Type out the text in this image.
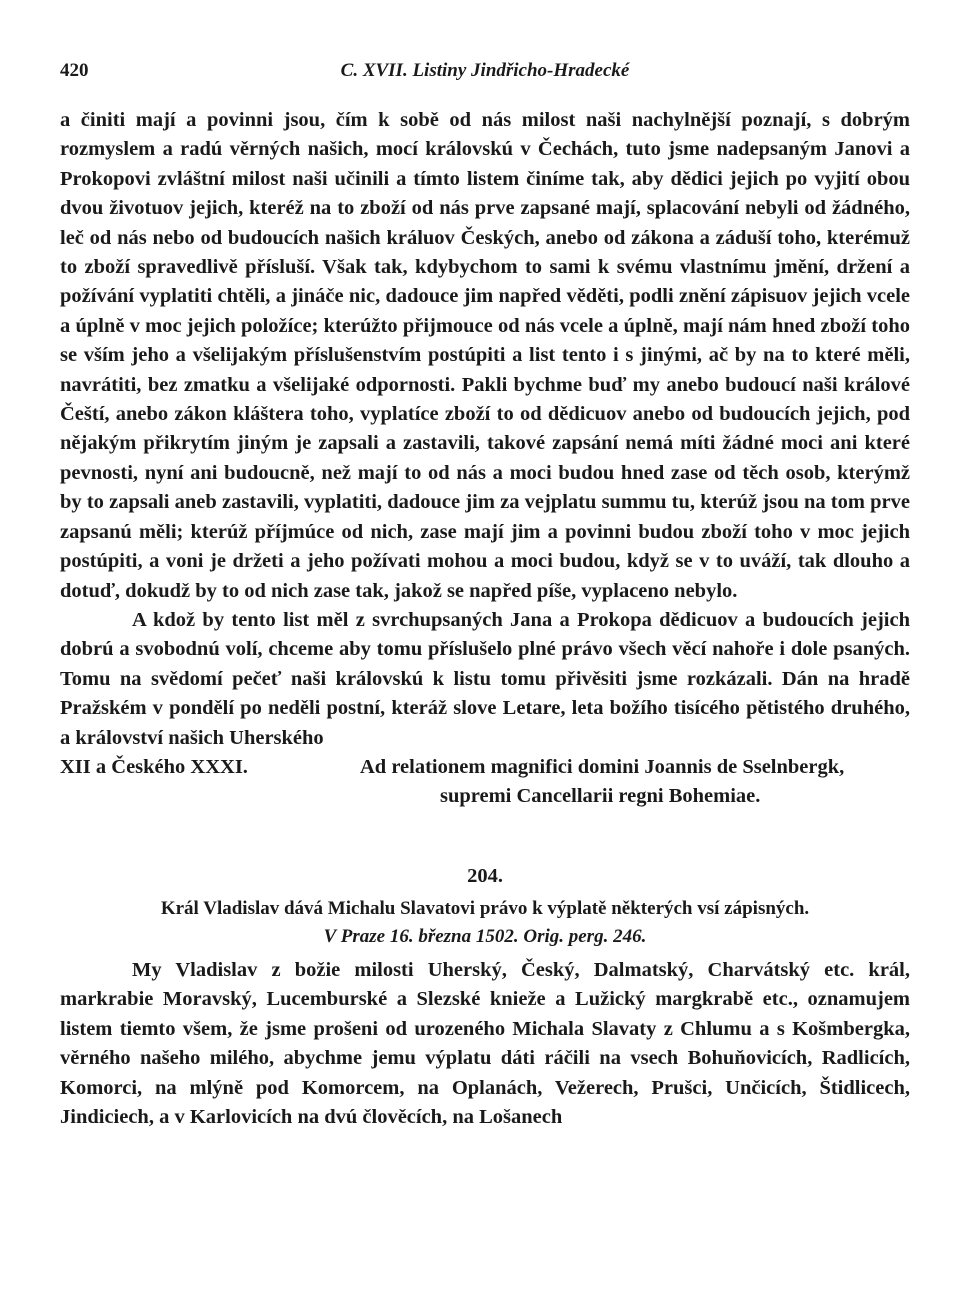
420	C. XVII. Listiny Jindřicho-Hradecké

a činiti mají a povinni jsou, čím k sobě od nás milost naši nachylnější poznají, s dobrým rozmyslem a radú věrných našich, mocí královskú v Čechách, tuto jsme nadepsaným Janovi a Prokopovi zvláštní milost naši učinili a tímto listem činíme tak, aby dědici jejich po vyjití obou dvou životuov jejich, kteréž na to zboží od nás prve zapsané mají, splacování nebyli od žádného, leč od nás nebo od budoucích našich králuov Českých, anebo od zákona a záduší toho, kterémuž to zboží spravedlivě přísluší. Však tak, kdybychom to sami k svému vlastnímu jmění, držení a požívání vyplatiti chtěli, a jináče nic, dadouce jim napřed věděti, podli znění zápisuov jejich vcele a úplně v moc jejich položíce; kterúžto přijmouce od nás vcele a úplně, mají nám hned zboží toho se vším jeho a všelijakým příslušenstvím postúpiti a list tento i s jinými, ač by na to které měli, navrátiti, bez zmatku a všelijaké odpornosti. Pakli bychme buď my anebo budoucí naši králové Čeští, anebo zákon kláštera toho, vyplatíce zboží to od dědicuov anebo od budoucích jejich, pod nějakým přikrytím jiným je zapsali a zastavili, takové zapsání nemá míti žádné moci ani které pevnosti, nyní ani budoucně, než mají to od nás a moci budou hned zase od těch osob, kterýmž by to zapsali aneb zastavili, vyplatiti, dadouce jim za vejplatu summu tu, kterúž jsou na tom prve zapsanú měli; kterúž příjmúce od nich, zase mají jim a povinni budou zboží toho v moc jejich postúpiti, a voni je držeti a jeho požívati mohou a moci budou, když se v to uváží, tak dlouho a dotuď, dokudž by to od nich zase tak, jakož se napřed píše, vyplaceno nebylo.

A kdož by tento list měl z svrchupsaných Jana a Prokopa dědicuov a budoucích jejich dobrú a svobodnú volí, chceme aby tomu příslušelo plné právo všech věcí nahoře i dole psaných. Tomu na svědomí pečeť naši královskú k listu tomu přivěsiti jsme rozkázali. Dán na hradě Pražském v pondělí po neděli postní, kteráž slove Letare, leta božího tisícého pětistého druhého, a království našich Uherského

XII a Českého XXXI.	Ad relationem magnifici domini Joannis de Sselnbergk,
supremi Cancellarii regni Bohemiae.
204.
Král Vladislav dává Michalu Slavatovi právo k výplatě některých vsí zápisných.
V Praze 16. března 1502. Orig. perg. 246.

My Vladislav z božie milosti Uherský, Český, Dalmatský, Charvátský etc. král, markrabie Moravský, Lucemburské a Slezské knieže a Lužický margkrabě etc., oznamujem listem tiemto všem, že jsme prošeni od urozeného Michala Slavaty z Chlumu a s Košmbergka, věrného našeho milého, abychme jemu výplatu dáti ráčili na vsech Bohuňovicích, Radlicích, Komorci, na mlýně pod Komorcem, na Oplanách, Vežerech, Prušci, Unčicích, Štidlicech, Jindiciech, a v Karlovicích na dvú člověcích, na Lošanech
